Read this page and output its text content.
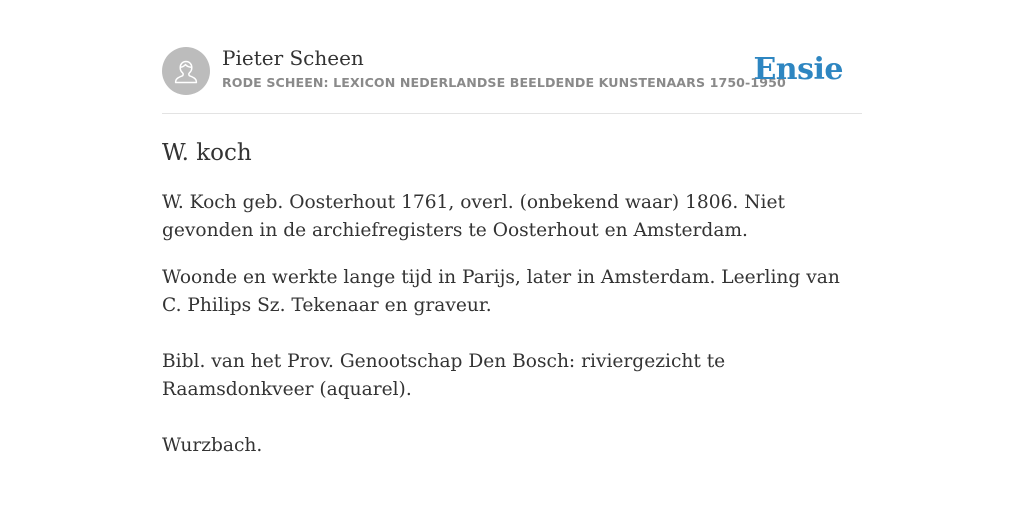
Pieter Scheen
RODE SCHEEN: LEXICON NEDERLANDSE BEELDENDE KUNSTENAARS 1750-1950
Ensie
W. koch

W. Koch geb. Oosterhout 1761, overl. (onbekend waar) 1806. Niet gevonden in de archiefregisters te Oosterhout en Amsterdam.

Woonde en werkte lange tijd in Parijs, later in Amsterdam. Leerling van C. Philips Sz. Tekenaar en graveur.

Bibl. van het Prov. Genootschap Den Bosch: riviergezicht te Raamsdonkveer (aquarel).

Wurzbach.
